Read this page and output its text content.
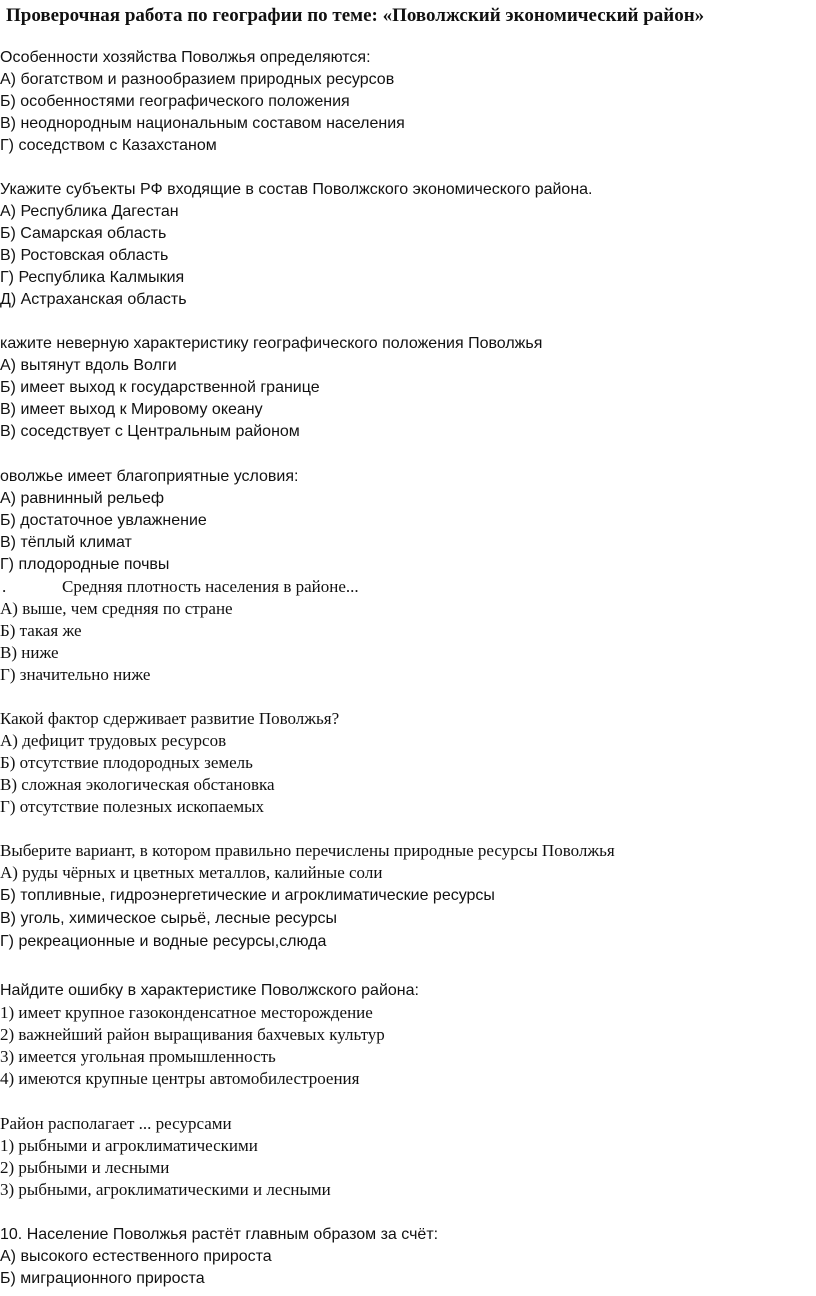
Проверочная работа по географии по теме: «Поволжский экономический район»
Особенности хозяйства Поволжья определяются:
А) богатством и разнообразием природных ресурсов
Б) особенностями географического положения
В) неоднородным национальным составом населения
Г) соседством с Казахстаном
Укажите субъекты РФ входящие в состав Поволжского экономического района.
А) Республика Дагестан
Б) Самарская область
В) Ростовская область
Г) Республика Калмыкия
Д) Астраханская область
кажите неверную характеристику географического положения Поволжья
А) вытянут вдоль Волги
Б) имеет выход к государственной границе
В) имеет выход к Мировому океану
В) соседствует с Центральным районом
оволжье имеет благоприятные условия:
А) равнинный рельеф
Б) достаточное увлажнение
В) тёплый климат
Г) плодородные почвы
.	Средняя плотность населения в районе...
А) выше, чем средняя по стране
Б) такая же
В) ниже
Г) значительно ниже
Какой фактор сдерживает развитие Поволжья?
А) дефицит трудовых ресурсов
Б) отсутствие плодородных земель
В) сложная экологическая обстановка
Г) отсутствие полезных ископаемых
Выберите вариант, в котором правильно перечислены природные ресурсы Поволжья
А) руды чёрных и цветных металлов, калийные соли
Б) топливные, гидроэнергетические и агроклиматические ресурсы
В) уголь, химическое сырьё, лесные ресурсы
Г) рекреационные и водные ресурсы,слюда
Найдите ошибку в характеристике Поволжского района:
1) имеет крупное газоконденсатное месторождение
2) важнейший район выращивания бахчевых культур
3) имеется угольная промышленность
4) имеются крупные центры автомобилестроения
Район располагает ... ресурсами
1) рыбными и агроклиматическими
2) рыбными и лесными
3) рыбными, агроклиматическими и лесными
10. Население Поволжья растёт главным образом за счёт:
А) высокого естественного прироста
Б) миграционного прироста
